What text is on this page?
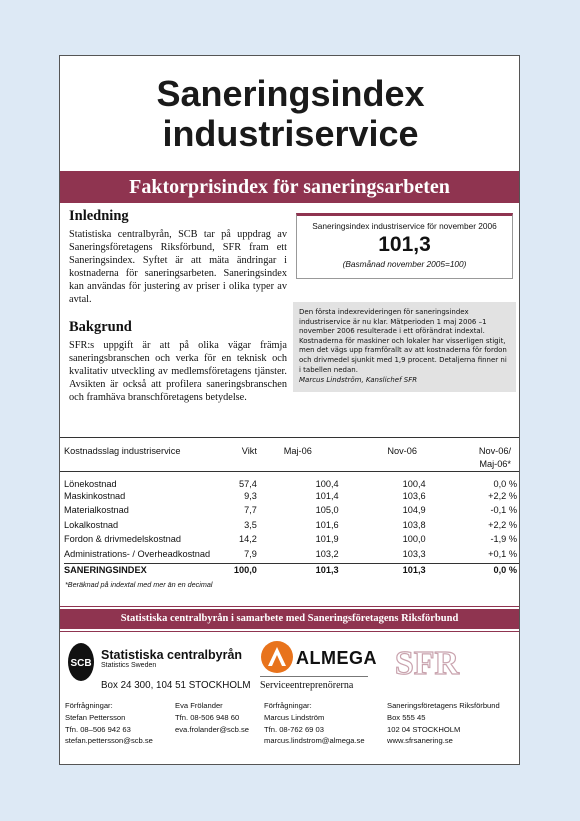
Saneringsindex
industriservice
Faktorprisindex för saneringsarbeten
Inledning

Statistiska centralbyrån, SCB tar på uppdrag av Saneringsföretagens Riksförbund, SFR fram ett Saneringsindex. Syftet är att mäta ändringar i kostnaderna för saneringsarbeten. Saneringsindex kan användas för justering av priser i olika typer av avtal.

Bakgrund

SFR:s uppgift är att på olika vägar främja saneringsbranschen och verka för en teknisk och kvalitativ utveckling av medlemsföretagens tjänster. Avsikten är också att profilera saneringsbranschen och framhäva branschföretagens betydelse.

Saneringsindex industriservice för november 2006
101,3
(Basmånad november 2005=100)

Den första indexrevideringen för saneringsindex industriservice är nu klar. Mätperioden 1 maj 2006 –1 november 2006 resulterade i ett oförändrat indextal. Kostnaderna för maskiner och lokaler har visserligen stigit, men det vägs upp framförallt av att kostnaderna för fordon och drivmedel sjunkit med 1,9 procent. Detaljerna finner ni i tabellen nedan.

Marcus Lindström, Kanslichef SFR

Kostnadsslag industriservice	Vikt	Maj-06	Nov-06	Nov-06/
Maj-06*

Lönekostnad	57,4	100,4	100,4	0,0 %
Maskinkostnad	9,3	101,4	103,6	+2,2 %
Materialkostnad	7,7	105,0	104,9	-0,1 %
Lokalkostnad	3,5	101,6	103,8	+2,2 %
Fordon & drivmedelskostnad	14,2	101,9	100,0	-1,9 %
Administrations- / Overheadkostnad	7,9	103,2	103,3	+0,1 %
SANERINGSINDEX	100,0	101,3	101,3	0,0 %
*Beräknad på indextal med mer än en decimal
Statistiska centralbyrån i samarbete med Saneringsföretagens Riksförbund
SCB
Statistiska centralbyrån
Statistics Sweden
Box 24 300, 104 51 STOCKHOLM
ALMEGA
Serviceentreprenörerna
SFR
Förfrågningar:
Stefan Pettersson
Tfn. 08–506 942 63
stefan.pettersson@scb.se
Eva Frölander
Tfn. 08-506 948 60
eva.frolander@scb.se
Förfrågningar:
Marcus Lindström
Tfn. 08-762 69 03
marcus.lindstrom@almega.se
Saneringsföretagens Riksförbund
Box 555 45
102 04 STOCKHOLM
www.sfrsanering.se
